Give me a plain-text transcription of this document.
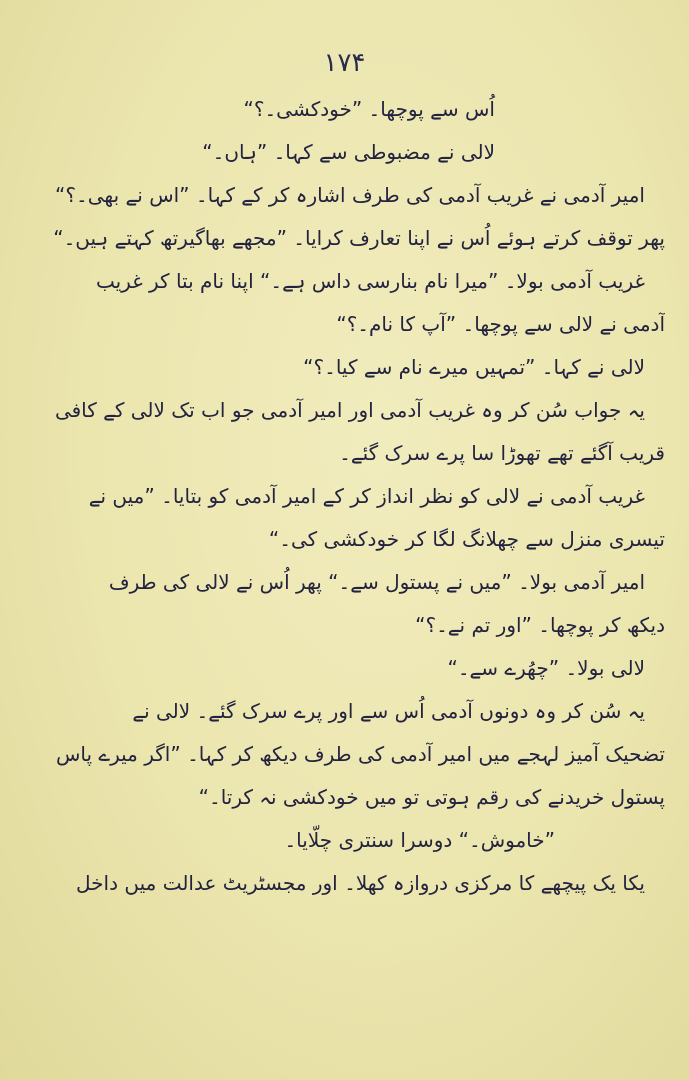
۱۷۴
اُس سے پوچھا۔ ”خودکشی۔؟“
لالی نے مضبوطی سے کہا۔ ”ہاں۔“
امیر آدمی نے غریب آدمی کی طرف اشارہ کر کے کہا۔ ”اس نے بھی۔؟“
پھر توقف کرتے ہوئے اُس نے اپنا تعارف کرایا۔ ”مجھے بھاگیرتھ کہتے ہیں۔“
غریب آدمی بولا۔ ”میرا نام بنارسی داس ہے۔“ اپنا نام بتا کر غریب
آدمی نے لالی سے پوچھا۔ ”آپ کا نام۔؟“
لالی نے کہا۔ ”تمہیں میرے نام سے کیا۔؟“
یہ جواب سُن کر وہ غریب آدمی اور امیر آدمی جو اب تک لالی کے کافی
قریب آگئے تھے تھوڑا سا پرے سرک گئے۔
غریب آدمی نے لالی کو نظر انداز کر کے امیر آدمی کو بتایا۔ ”میں نے
تیسری منزل سے چھلانگ لگا کر خودکشی کی۔“
امیر آدمی بولا۔ ”میں نے پستول سے۔“ پھر اُس نے لالی کی طرف
دیکھ کر پوچھا۔ ”اور تم نے۔؟“
لالی بولا۔ ”چھُرے سے۔“
یہ سُن کر وہ دونوں آدمی اُس سے اور پرے سرک گئے۔ لالی نے
تضحیک آمیز لہجے میں امیر آدمی کی طرف دیکھ کر کہا۔ ”اگر میرے پاس
پستول خریدنے کی رقم ہوتی تو میں خودکشی نہ کرتا۔“
”خاموش۔“ دوسرا سنتری چلّایا۔
یکا یک پیچھے کا مرکزی دروازہ کھلا۔ اور مجسٹریٹ عدالت میں داخل
